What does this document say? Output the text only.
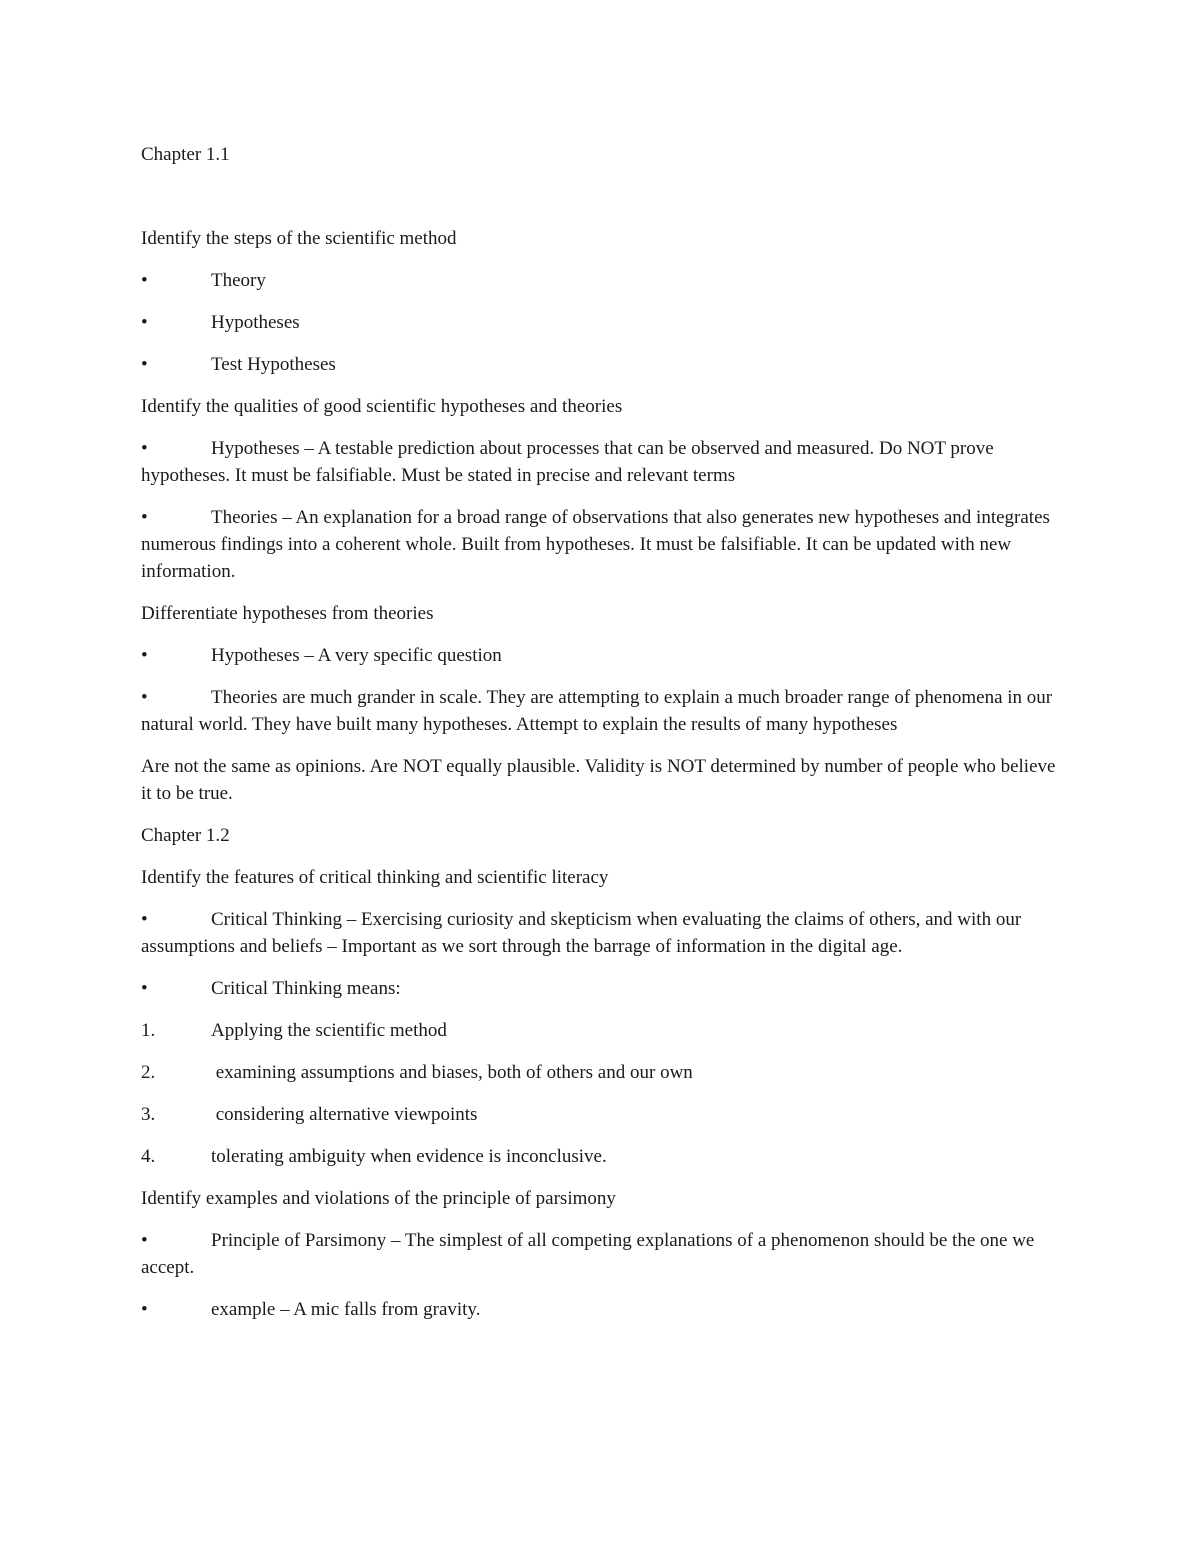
Chapter 1.1

Identify the steps of the scientific method

•	Theory
•	Hypotheses
•	Test Hypotheses

Identify the qualities of good scientific hypotheses and theories

•	Hypotheses – A testable prediction about processes that can be observed and measured. Do NOT prove hypotheses. It must be falsifiable. Must be stated in precise and relevant terms
•	Theories – An explanation for a broad range of observations that also generates new hypotheses and integrates numerous findings into a coherent whole. Built from hypotheses. It must be falsifiable. It can be updated with new information.

Differentiate hypotheses from theories

•	Hypotheses – A very specific question
•	Theories are much grander in scale. They are attempting to explain a much broader range of phenomena in our natural world. They have built many hypotheses. Attempt to explain the results of many hypotheses

Are not the same as opinions. Are NOT equally plausible. Validity is NOT determined by number of people who believe it to be true.

Chapter 1.2

Identify the features of critical thinking and scientific literacy

•	Critical Thinking – Exercising curiosity and skepticism when evaluating the claims of others, and with our assumptions and beliefs – Important as we sort through the barrage of information in the digital age.
•	Critical Thinking means:
1.	Applying the scientific method
2.	examining assumptions and biases, both of others and our own
3.	considering alternative viewpoints
4.	tolerating ambiguity when evidence is inconclusive.

Identify examples and violations of the principle of parsimony

•	Principle of Parsimony – The simplest of all competing explanations of a phenomenon should be the one we accept.
•	example – A mic falls from gravity.
